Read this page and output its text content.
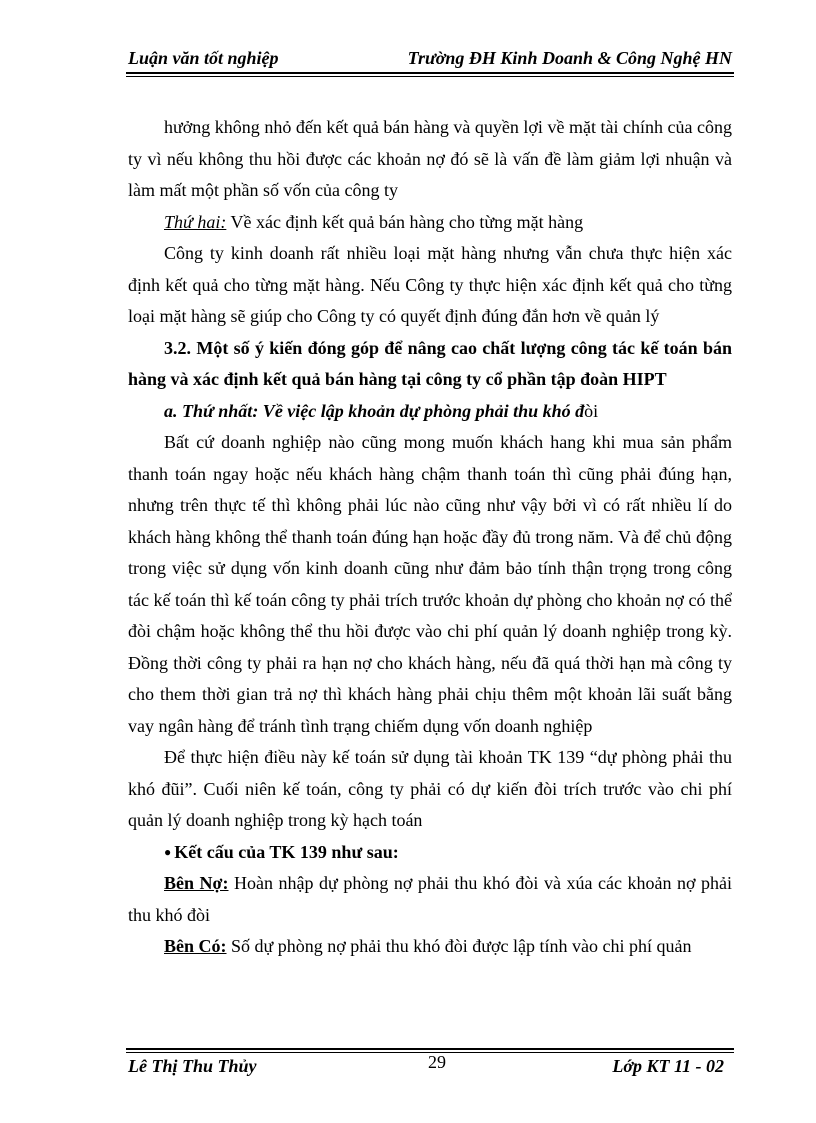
Luận văn tốt nghiệp	Trường ĐH Kinh Doanh & Công Nghệ HN

hưởng không nhỏ đến kết quả bán hàng và quyền lợi về mặt tài chính của công ty vì nếu không thu hồi được các khoản nợ đó sẽ là vấn đề làm giảm lợi nhuận và làm mất một phần số vốn của công ty

Thứ hai: Về xác định kết quả bán hàng cho từng mặt hàng

Công ty kinh doanh rất nhiều loại mặt hàng nhưng vẫn chưa thực hiện xác định kết quả cho từng mặt hàng. Nếu Công ty thực hiện xác định kết quả cho từng loại mặt hàng sẽ giúp cho Công ty có quyết định đúng đắn hơn về quản lý

3.2. Một số ý kiến đóng góp để nâng cao chất lượng công tác kế toán bán hàng và xác định kết quả bán hàng tại công ty cổ phần tập đoàn HIPT

a. Thứ nhất: Về việc lập khoản dự phòng phải thu khó đòi

Bất cứ doanh nghiệp nào cũng mong muốn khách hang khi mua sản phẩm thanh toán ngay hoặc nếu khách hàng chậm thanh toán thì cũng phải đúng hạn, nhưng trên thực tế thì không phải lúc nào cũng như vậy bởi vì có rất nhiều lí do khách hàng không thể thanh toán đúng hạn hoặc đầy đủ trong năm. Và để chủ động trong việc sử dụng vốn kinh doanh cũng như đảm bảo tính thận trọng trong công tác kế toán thì kế toán công ty phải trích trước khoản dự phòng cho khoản nợ có thể đòi chậm hoặc không thể thu hồi được vào chi phí quản lý doanh nghiệp trong kỳ. Đồng thời công ty phải ra hạn nợ cho khách hàng, nếu đã quá thời hạn mà công ty cho them thời gian trả nợ thì khách hàng phải chịu thêm một khoản lãi suất bằng vay ngân hàng để tránh tình trạng chiếm dụng vốn doanh nghiệp

Để thực hiện điều này kế toán sử dụng tài khoản TK 139 “dự phòng phải thu khó đũi”. Cuối niên kế toán, công ty phải có dự kiến đòi trích trước vào chi phí quản lý doanh nghiệp trong kỳ hạch toán

● Kết cấu của TK 139 như sau:

Bên Nợ: Hoàn nhập dự phòng nợ phải thu khó đòi và xúa các khoản nợ phải thu khó đòi

Bên Có: Số dự phòng nợ phải thu khó đòi được lập tính vào chi phí quản

Lê Thị Thu Thủy	29	Lớp KT 11 - 02
